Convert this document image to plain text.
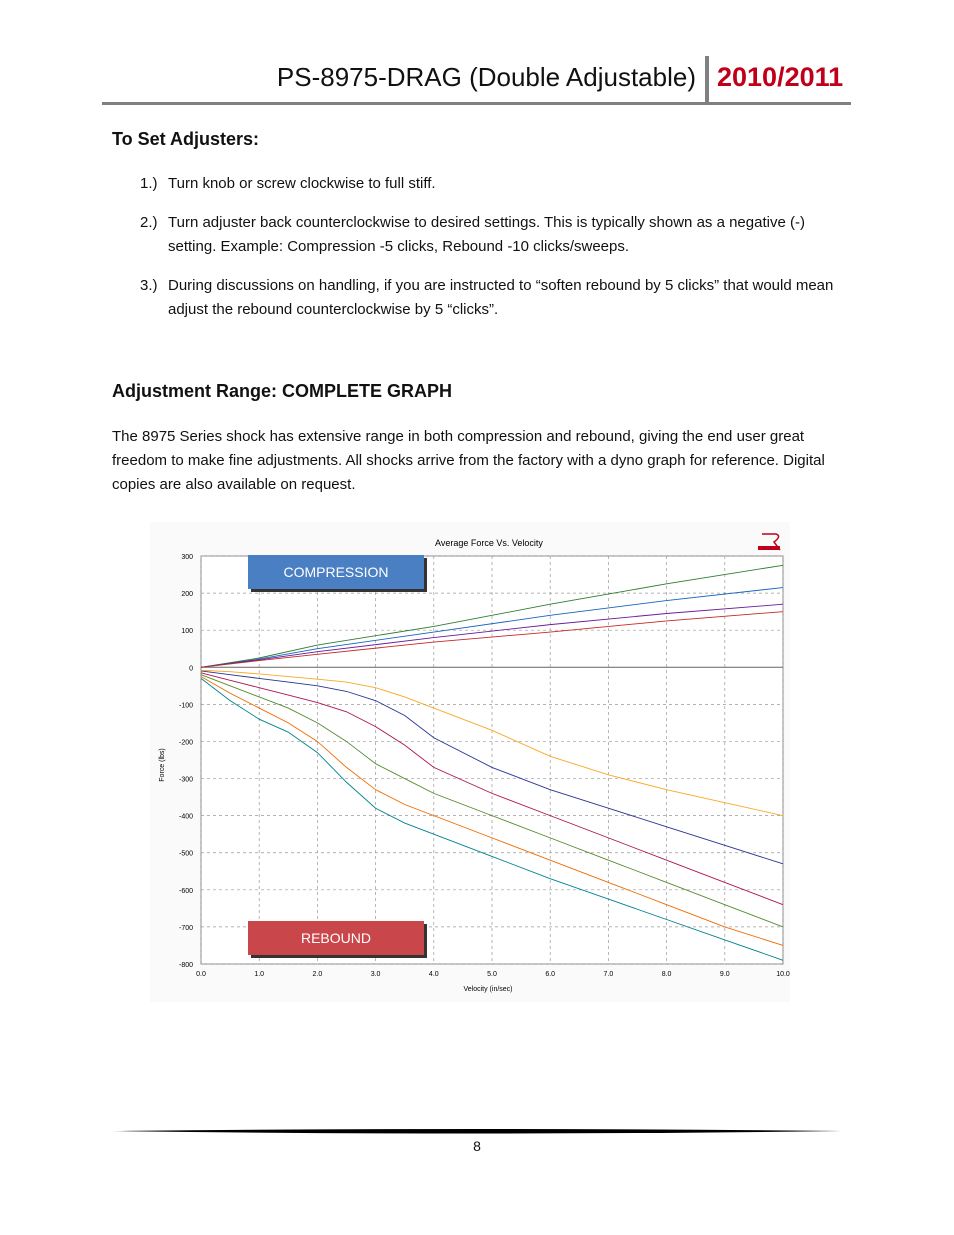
PS-8975-DRAG (Double Adjustable) 2010/2011
To Set Adjusters:
1.) Turn knob or screw clockwise to full stiff.
2.) Turn adjuster back counterclockwise to desired settings. This is typically shown as a negative (-) setting. Example: Compression -5 clicks, Rebound -10 clicks/sweeps.
3.) During discussions on handling, if you are instructed to “soften rebound by 5 clicks” that would mean adjust the rebound counterclockwise by 5 “clicks”.
Adjustment Range: COMPLETE GRAPH

The 8975 Series shock has extensive range in both compression and rebound, giving the end user great freedom to make fine adjustments. All shocks arrive from the factory with a dyno graph for reference. Digital copies are also available on request.

0.0	1.0	2.0	3.0	4.0	5.0	6.0	7.0	8.0	9.0	10.0
300
200
100
0
-100
-200
-300
-400
-500
-600
-700
-800
Average Force Vs. Velocity
Velocity (in/sec)
Force (lbs)
COMPRESSION
REBOUND
8
